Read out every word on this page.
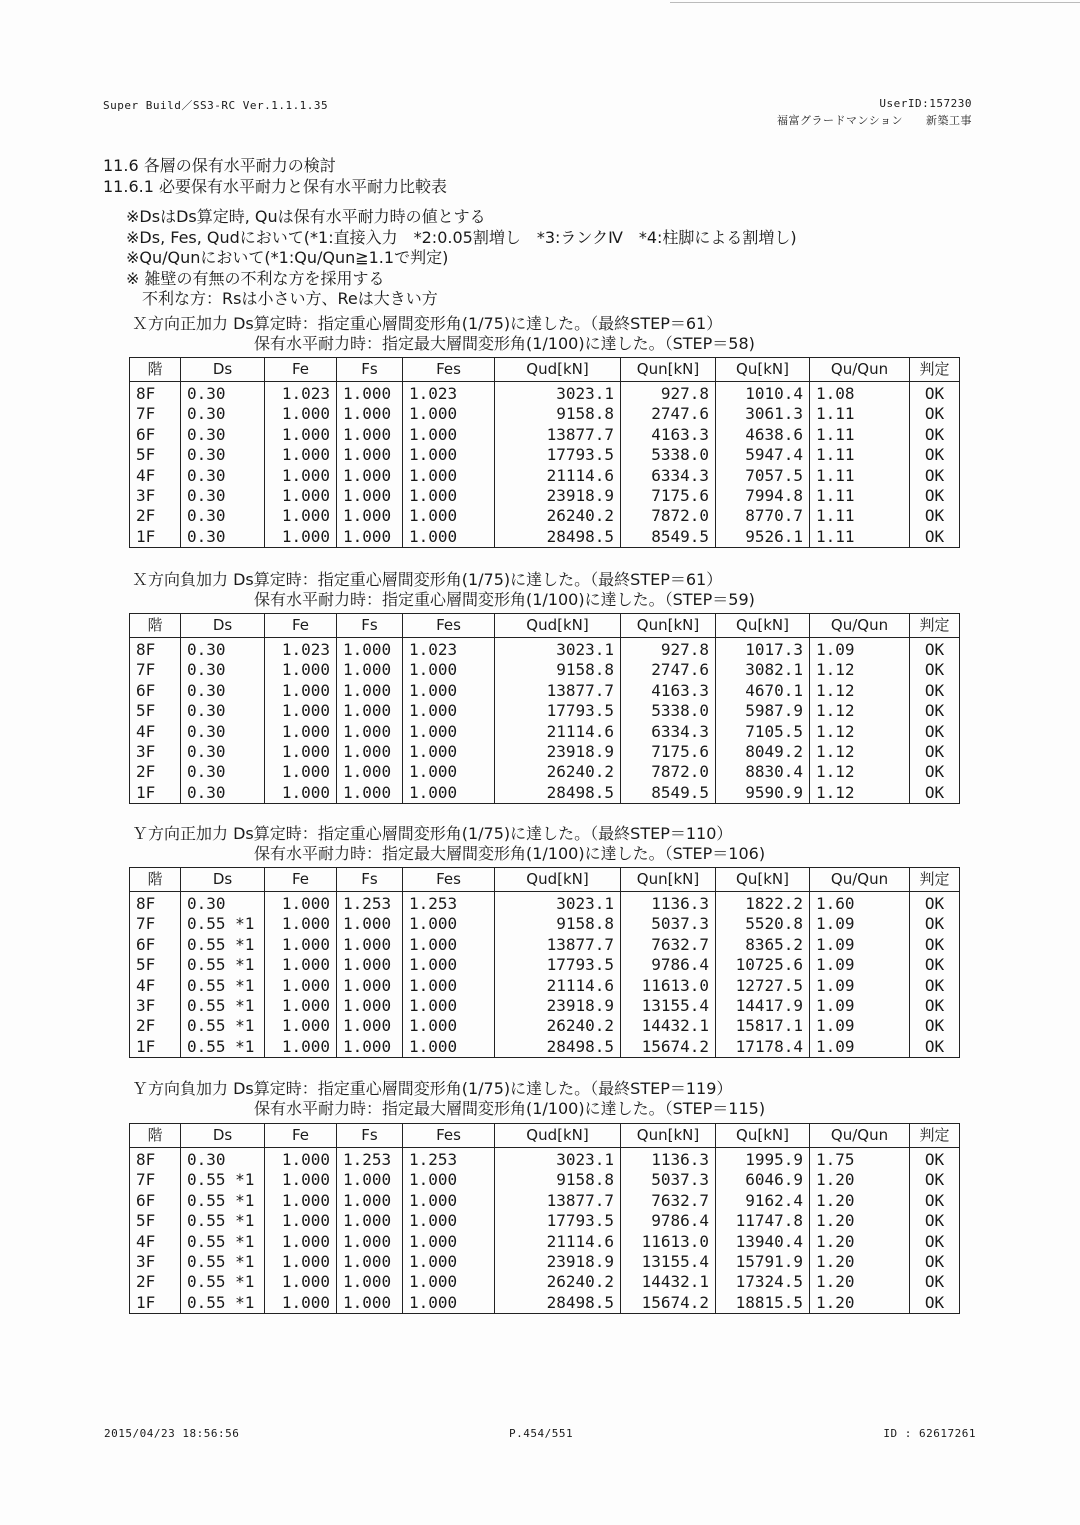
Super Build／SS3-RC Ver.1.1.1.35	UserID:157230
福富グラードマンション　　新築工事
11.6 各層の保有水平耐力の検討
11.6.1 必要保有水平耐力と保有水平耐力比較表
※DsはDs算定時, Quは保有水平耐力時の値とする
※Ds, Fes, Qudにおいて(*1:直接入力　*2:0.05割増し　*3:ランクⅣ　*4:柱脚による割増し)
※Qu/Qunにおいて(*1:Qu/Qun≧1.1で判定)
※ 雑壁の有無の不利な方を採用する
　不利な方：Rsは小さい方、Reは大きい方
Ｘ方向正加力 Ds算定時：指定重心層間変形角(1/75)に達した。（最終STEP＝61）
保有水平耐力時：指定最大層間変形角(1/100)に達した。（STEP＝58)
Ｘ方向負加力 Ds算定時：指定重心層間変形角(1/75)に達した。（最終STEP＝61）
保有水平耐力時：指定重心層間変形角(1/100)に達した。（STEP＝59)
Ｙ方向正加力 Ds算定時：指定重心層間変形角(1/75)に達した。（最終STEP＝110）
保有水平耐力時：指定最大層間変形角(1/100)に達した。（STEP＝106)
Ｙ方向負加力 Ds算定時：指定重心層間変形角(1/75)に達した。（最終STEP＝119）
保有水平耐力時：指定最大層間変形角(1/100)に達した。（STEP＝115)
階	Ds	Fe	Fs	Fes	Qud[kN]	Qun[kN]	Qu[kN]	Qu/Qun	判定
8F	0.30	1.023	1.000	1.023	3023.1	927.8	1010.4	1.08	OK
7F	0.30	1.000	1.000	1.000	9158.8	2747.6	3061.3	1.11	OK
6F	0.30	1.000	1.000	1.000	13877.7	4163.3	4638.6	1.11	OK
5F	0.30	1.000	1.000	1.000	17793.5	5338.0	5947.4	1.11	OK
4F	0.30	1.000	1.000	1.000	21114.6	6334.3	7057.5	1.11	OK
3F	0.30	1.000	1.000	1.000	23918.9	7175.6	7994.8	1.11	OK
2F	0.30	1.000	1.000	1.000	26240.2	7872.0	8770.7	1.11	OK
1F	0.30	1.000	1.000	1.000	28498.5	8549.5	9526.1	1.11	OK
階	Ds	Fe	Fs	Fes	Qud[kN]	Qun[kN]	Qu[kN]	Qu/Qun	判定
8F	0.30	1.023	1.000	1.023	3023.1	927.8	1017.3	1.09	OK
7F	0.30	1.000	1.000	1.000	9158.8	2747.6	3082.1	1.12	OK
6F	0.30	1.000	1.000	1.000	13877.7	4163.3	4670.1	1.12	OK
5F	0.30	1.000	1.000	1.000	17793.5	5338.0	5987.9	1.12	OK
4F	0.30	1.000	1.000	1.000	21114.6	6334.3	7105.5	1.12	OK
3F	0.30	1.000	1.000	1.000	23918.9	7175.6	8049.2	1.12	OK
2F	0.30	1.000	1.000	1.000	26240.2	7872.0	8830.4	1.12	OK
1F	0.30	1.000	1.000	1.000	28498.5	8549.5	9590.9	1.12	OK
階	Ds	Fe	Fs	Fes	Qud[kN]	Qun[kN]	Qu[kN]	Qu/Qun	判定
8F	0.30	1.000	1.253	1.253	3023.1	1136.3	1822.2	1.60	OK
7F	0.55 *1	1.000	1.000	1.000	9158.8	5037.3	5520.8	1.09	OK
6F	0.55 *1	1.000	1.000	1.000	13877.7	7632.7	8365.2	1.09	OK
5F	0.55 *1	1.000	1.000	1.000	17793.5	9786.4	10725.6	1.09	OK
4F	0.55 *1	1.000	1.000	1.000	21114.6	11613.0	12727.5	1.09	OK
3F	0.55 *1	1.000	1.000	1.000	23918.9	13155.4	14417.9	1.09	OK
2F	0.55 *1	1.000	1.000	1.000	26240.2	14432.1	15817.1	1.09	OK
1F	0.55 *1	1.000	1.000	1.000	28498.5	15674.2	17178.4	1.09	OK
階	Ds	Fe	Fs	Fes	Qud[kN]	Qun[kN]	Qu[kN]	Qu/Qun	判定
8F	0.30	1.000	1.253	1.253	3023.1	1136.3	1995.9	1.75	OK
7F	0.55 *1	1.000	1.000	1.000	9158.8	5037.3	6046.9	1.20	OK
6F	0.55 *1	1.000	1.000	1.000	13877.7	7632.7	9162.4	1.20	OK
5F	0.55 *1	1.000	1.000	1.000	17793.5	9786.4	11747.8	1.20	OK
4F	0.55 *1	1.000	1.000	1.000	21114.6	11613.0	13940.4	1.20	OK
3F	0.55 *1	1.000	1.000	1.000	23918.9	13155.4	15791.9	1.20	OK
2F	0.55 *1	1.000	1.000	1.000	26240.2	14432.1	17324.5	1.20	OK
1F	0.55 *1	1.000	1.000	1.000	28498.5	15674.2	18815.5	1.20	OK
2015/04/23 18:56:56	P.454/551	ID : 62617261
